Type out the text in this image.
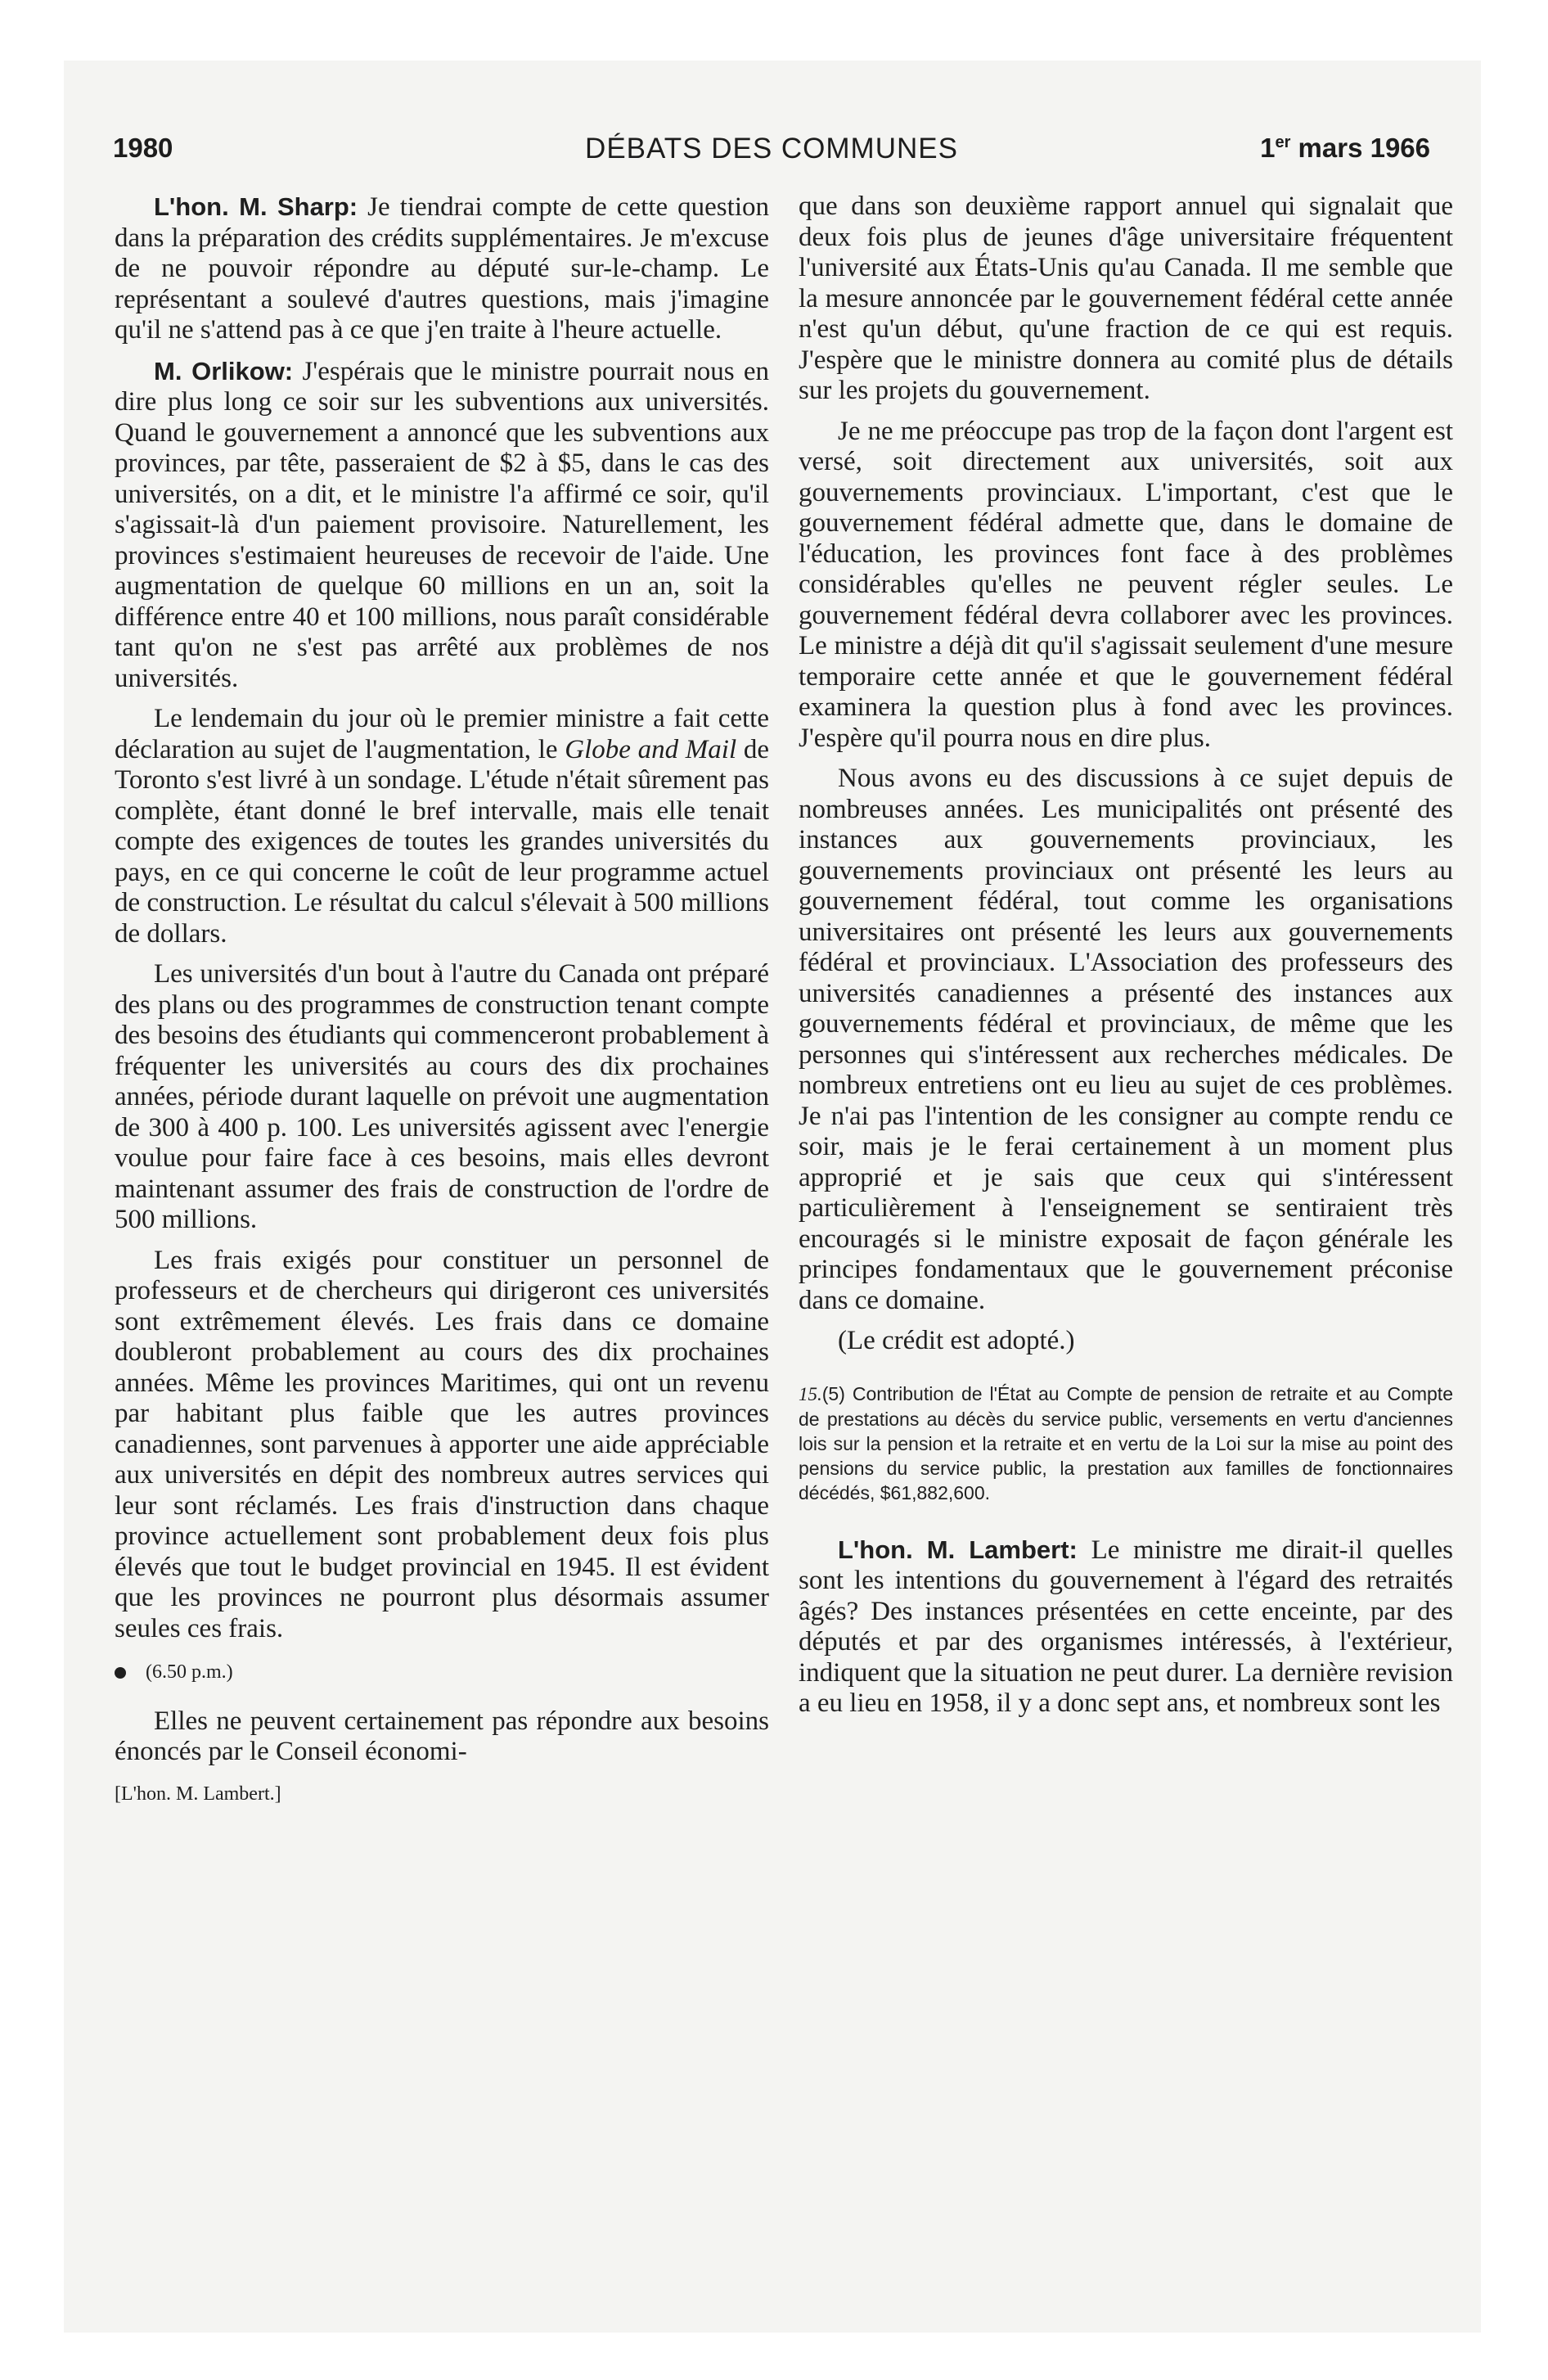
1980	DÉBATS DES COMMUNES	1er mars 1966

L'hon. M. Sharp: Je tiendrai compte de cette question dans la préparation des crédits supplémentaires. Je m'excuse de ne pouvoir répondre au député sur-le-champ. Le représentant a soulevé d'autres questions, mais j'imagine qu'il ne s'attend pas à ce que j'en traite à l'heure actuelle.

M. Orlikow: J'espérais que le ministre pourrait nous en dire plus long ce soir sur les subventions aux universités. Quand le gouvernement a annoncé que les subventions aux provinces, par tête, passeraient de $2 à $5, dans le cas des universités, on a dit, et le ministre l'a affirmé ce soir, qu'il s'agissait-là d'un paiement provisoire. Naturellement, les provinces s'estimaient heureuses de recevoir de l'aide. Une augmentation de quelque 60 millions en un an, soit la différence entre 40 et 100 millions, nous paraît considérable tant qu'on ne s'est pas arrêté aux problèmes de nos universités.

Le lendemain du jour où le premier ministre a fait cette déclaration au sujet de l'augmentation, le Globe and Mail de Toronto s'est livré à un sondage. L'étude n'était sûrement pas complète, étant donné le bref intervalle, mais elle tenait compte des exigences de toutes les grandes universités du pays, en ce qui concerne le coût de leur programme actuel de construction. Le résultat du calcul s'élevait à 500 millions de dollars.

Les universités d'un bout à l'autre du Canada ont préparé des plans ou des programmes de construction tenant compte des besoins des étudiants qui commenceront probablement à fréquenter les universités au cours des dix prochaines années, période durant laquelle on prévoit une augmentation de 300 à 400 p. 100. Les universités agissent avec l'energie voulue pour faire face à ces besoins, mais elles devront maintenant assumer des frais de construction de l'ordre de 500 millions.

Les frais exigés pour constituer un personnel de professeurs et de chercheurs qui dirigeront ces universités sont extrêmement élevés. Les frais dans ce domaine doubleront probablement au cours des dix prochaines années. Même les provinces Maritimes, qui ont un revenu par habitant plus faible que les autres provinces canadiennes, sont parvenues à apporter une aide appréciable aux universités en dépit des nombreux autres services qui leur sont réclamés. Les frais d'instruction dans chaque province actuellement sont probablement deux fois plus élevés que tout le budget provincial en 1945. Il est évident que les provinces ne pourront plus désormais assumer seules ces frais.

(6.50 p.m.)

Elles ne peuvent certainement pas répondre aux besoins énoncés par le Conseil économi-

[L'hon. M. Lambert.]

que dans son deuxième rapport annuel qui signalait que deux fois plus de jeunes d'âge universitaire fréquentent l'université aux États-Unis qu'au Canada. Il me semble que la mesure annoncée par le gouvernement fédéral cette année n'est qu'un début, qu'une fraction de ce qui est requis. J'espère que le ministre donnera au comité plus de détails sur les projets du gouvernement.

Je ne me préoccupe pas trop de la façon dont l'argent est versé, soit directement aux universités, soit aux gouvernements provinciaux. L'important, c'est que le gouvernement fédéral admette que, dans le domaine de l'éducation, les provinces font face à des problèmes considérables qu'elles ne peuvent régler seules. Le gouvernement fédéral devra collaborer avec les provinces. Le ministre a déjà dit qu'il s'agissait seulement d'une mesure temporaire cette année et que le gouvernement fédéral examinera la question plus à fond avec les provinces. J'espère qu'il pourra nous en dire plus.

Nous avons eu des discussions à ce sujet depuis de nombreuses années. Les municipalités ont présenté des instances aux gouvernements provinciaux, les gouvernements provinciaux ont présenté les leurs au gouvernement fédéral, tout comme les organisations universitaires ont présenté les leurs aux gouvernements fédéral et provinciaux. L'Association des professeurs des universités canadiennes a présenté des instances aux gouvernements fédéral et provinciaux, de même que les personnes qui s'intéressent aux recherches médicales. De nombreux entretiens ont eu lieu au sujet de ces problèmes. Je n'ai pas l'intention de les consigner au compte rendu ce soir, mais je le ferai certainement à un moment plus approprié et je sais que ceux qui s'intéressent particulièrement à l'enseignement se sentiraient très encouragés si le ministre exposait de façon générale les principes fondamentaux que le gouvernement préconise dans ce domaine.

(Le crédit est adopté.)

15.(5) Contribution de l'État au Compte de pension de retraite et au Compte de prestations au décès du service public, versements en vertu d'anciennes lois sur la pension et la retraite et en vertu de la Loi sur la mise au point des pensions du service public, la prestation aux familles de fonctionnaires décédés, $61,882,600.

L'hon. M. Lambert: Le ministre me dirait-il quelles sont les intentions du gouvernement à l'égard des retraités âgés? Des instances présentées en cette enceinte, par des députés et par des organismes intéressés, à l'extérieur, indiquent que la situation ne peut durer. La dernière revision a eu lieu en 1958, il y a donc sept ans, et nombreux sont les
